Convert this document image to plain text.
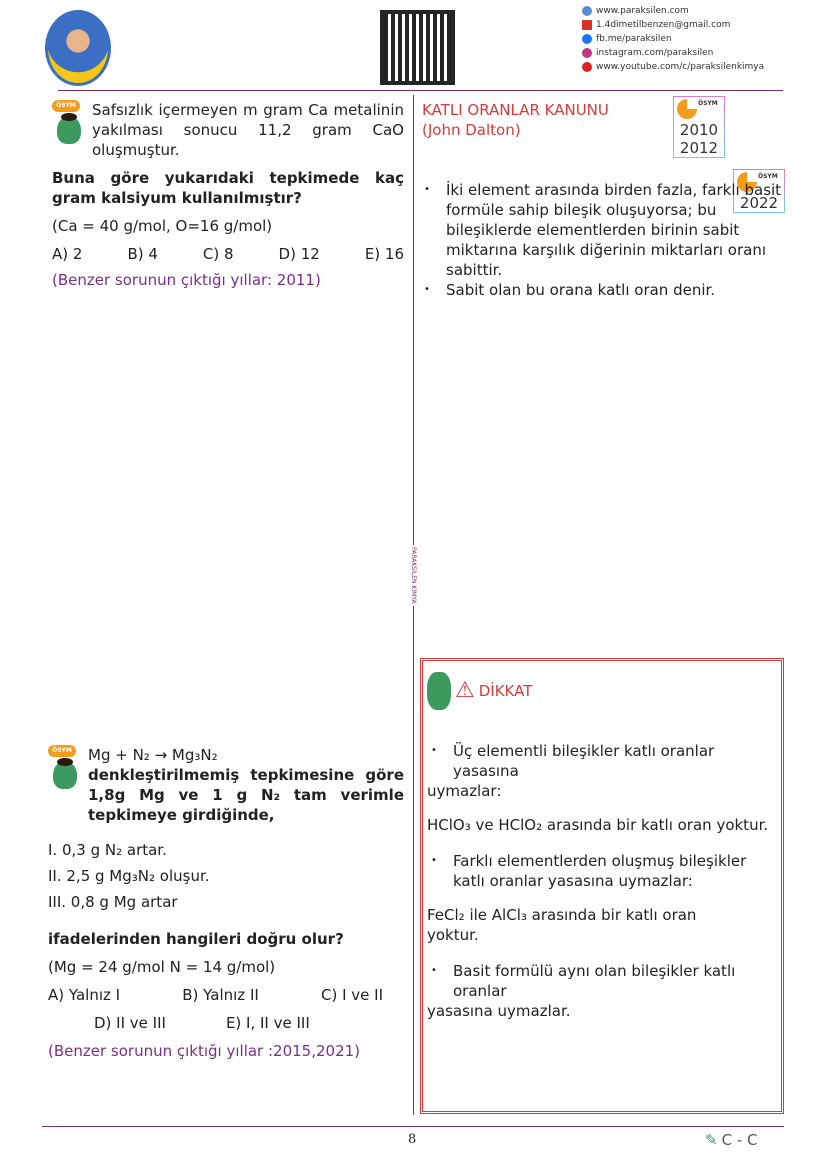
www.paraksilen.com
1.4dimetilbenzen@gmail.com
fb.me/paraksilen
instagram.com/paraksilen
www.youtube.com/c/paraksilenkimya
PARAKSİLEN KİMYA
ÖSYM Safsızlık içermeyen m gram Ca metalinin yakılması sonucu 11,2 gram CaO oluşmuştur.
Buna göre yukarıdaki tepkimede kaç gram kalsiyum kullanılmıştır?
(Ca = 40 g/mol, O=16 g/mol)
A) 2	B) 4	C) 8	D) 12	E) 16
(Benzer sorunun çıktığı yıllar: 2011)
KATLI ORANLAR KANUNU
(John Dalton)
ÖSYM
2010
2012
ÖSYM
2022
• İki element arasında birden fazla, farklı basit formüle sahip bileşik oluşuyorsa; bu bileşiklerde elementlerden birinin sabit miktarına karşılık diğerinin miktarları oranı sabittir.
• Sabit olan bu orana katlı oran denir.
ÖSYM Mg + N₂ → Mg₃N₂
denkleştirilmemiş tepkimesine göre 1,8g Mg ve 1 g N₂ tam verimle tepkimeye girdiğinde,
I. 0,3 g N₂ artar.
II. 2,5 g Mg₃N₂ oluşur.
III. 0,8 g Mg artar
ifadelerinden hangileri doğru olur?
(Mg = 24 g/mol N = 14 g/mol)
A) Yalnız I	B) Yalnız II	C) I ve II
D) II ve III	E) I, II ve III
(Benzer sorunun çıktığı yıllar :2015,2021)
⚠ DİKKAT
• Üç elementli bileşikler katlı oranlar yasasına
uymazlar:
HClO₃ ve HClO₂ arasında bir katlı oran yoktur.
• Farklı elementlerden oluşmuş bileşikler katlı oranlar yasasına uymazlar:
FeCl₂ ile AlCl₃ arasında bir katlı oran yoktur.
• Basit formülü aynı olan bileşikler katlı oranlar
yasasına uymazlar.
8	✎ C - C
